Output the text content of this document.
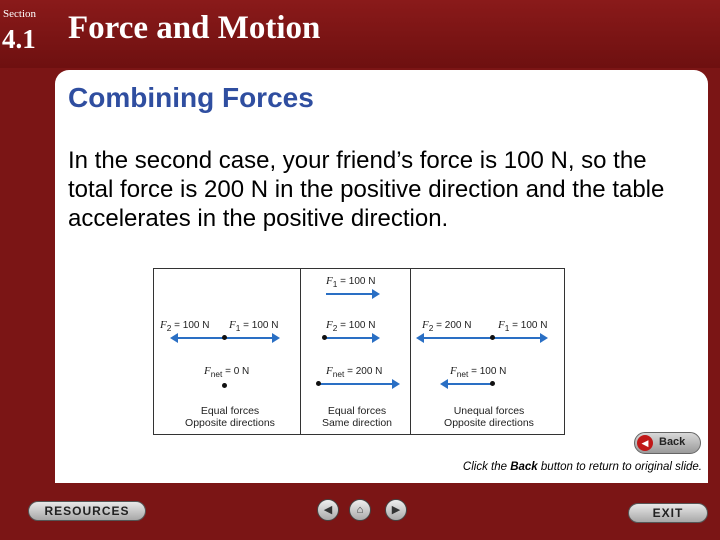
Section
4.1 Force and Motion
Combining Forces
In the second case, your friend’s force is 100 N, so the total force is 200 N in the positive direction and the table accelerates in the positive direction.
$F_2 = 100$ N $F_1 = 100$ N
$F_{net} = 0$ N
Equal forces
Opposite directions
$F_1 = 100$ N
$F_2 = 100$ N
$F_{net} = 200$ N
Equal forces
Same direction
$F_2 = 200$ N $F_1 = 100$ N
$F_{net} = 100$ N
Unequal forces
Opposite directions
◀ Back
Click the Back button to return to original slide.
RESOURCES	◀	⌂	▶	EXIT
